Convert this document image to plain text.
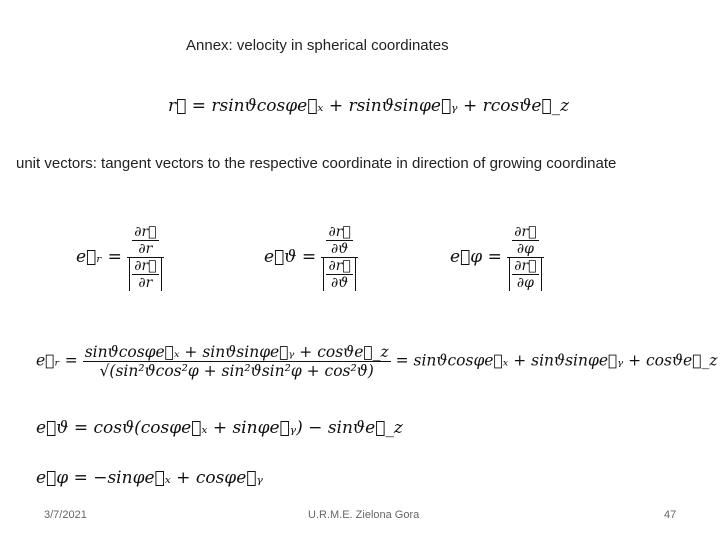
Annex: velocity in spherical coordinates
r⃗ = rsinϑcosφe⃗ₓ + rsinϑsinφe⃗ᵧ + rcosϑe⃗_z
unit vectors: tangent vectors to the respective coordinate in direction of growing coordinate
e⃗ᵣ = $\frac{\frac{\partial r⃗}{\partial r}}{\frac{\partial r⃗}{\partial r}}$	e⃗ϑ = $\frac{\frac{\partial r⃗}{\partial ϑ}}{\frac{\partial r⃗}{\partial ϑ}}$	e⃗φ = $\frac{\frac{\partial r⃗}{\partial\varphi}}{\frac{\partial r⃗}{\partial\varphi}}$
e⃗ᵣ = $\frac{\text{sinϑcosφe⃗ₓ + sinϑsinφe⃗ᵧ + cosϑe⃗\_z}}{\text{√(sin²ϑcos²φ + sin²ϑsin²φ + cos²ϑ)}}$ = sinϑcosφe⃗ₓ + sinϑsinφe⃗ᵧ + cosϑe⃗_z
e⃗ϑ = cosϑ(cosφe⃗ₓ + sinφe⃗ᵧ) − sinϑe⃗_z
e⃗φ = −sinφe⃗ₓ + cosφe⃗ᵧ
3/7/2021	U.R.M.E. Zielona Gora	47
